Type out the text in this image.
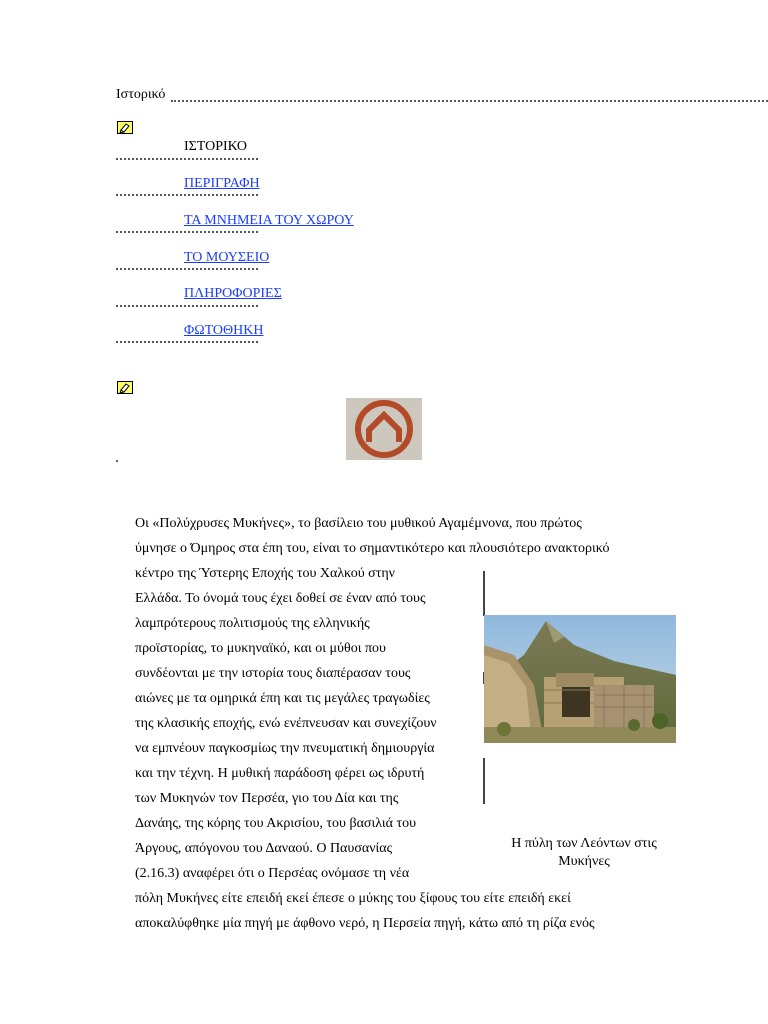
Ιστορικό
ΙΣΤΟΡΙΚΟ
ΠΕΡΙΓΡΑΦΗ
ΤΑ ΜΝΗΜΕΙΑ ΤΟΥ ΧΩΡΟΥ
ΤΟ ΜΟΥΣΕΙΟ
ΠΛΗΡΟΦΟΡΙΕΣ
ΦΩΤΟΘΗΚΗ
Οι «Πολύχρυσες Μυκήνες», το βασίλειο του μυθικού Αγαμέμνονα, που πρώτος
ύμνησε ο Όμηρος στα έπη του, είναι το σημαντικότερο και πλουσιότερο ανακτορικό
κέντρο της Ύστερης Εποχής του Χαλκού στην
Ελλάδα. Το όνομά τους έχει δοθεί σε έναν από τους
λαμπρότερους πολιτισμούς της ελληνικής
προϊστορίας, το μυκηναϊκό, και οι μύθοι που
συνδέονται με την ιστορία τους διαπέρασαν τους
αιώνες με τα ομηρικά έπη και τις μεγάλες τραγωδίες
της κλασικής εποχής, ενώ ενέπνευσαν και συνεχίζουν
να εμπνέουν παγκοσμίως την πνευματική δημιουργία
και την τέχνη. Η μυθική παράδοση φέρει ως ιδρυτή
των Μυκηνών τον Περσέα, γιο του Δία και της
Δανάης, της κόρης του Ακρισίου, του βασιλιά του
Άργους, απόγονου του Δαναού. Ο Παυσανίας
(2.16.3) αναφέρει ότι ο Περσέας ονόμασε τη νέα
πόλη Μυκήνες είτε επειδή εκεί έπεσε ο μύκης του ξίφους του είτε επειδή εκεί
αποκαλύφθηκε μία πηγή με άφθονο νερό, η Περσεία πηγή, κάτω από τη ρίζα ενός
Η πύλη των Λεόντων στις Μυκήνες
